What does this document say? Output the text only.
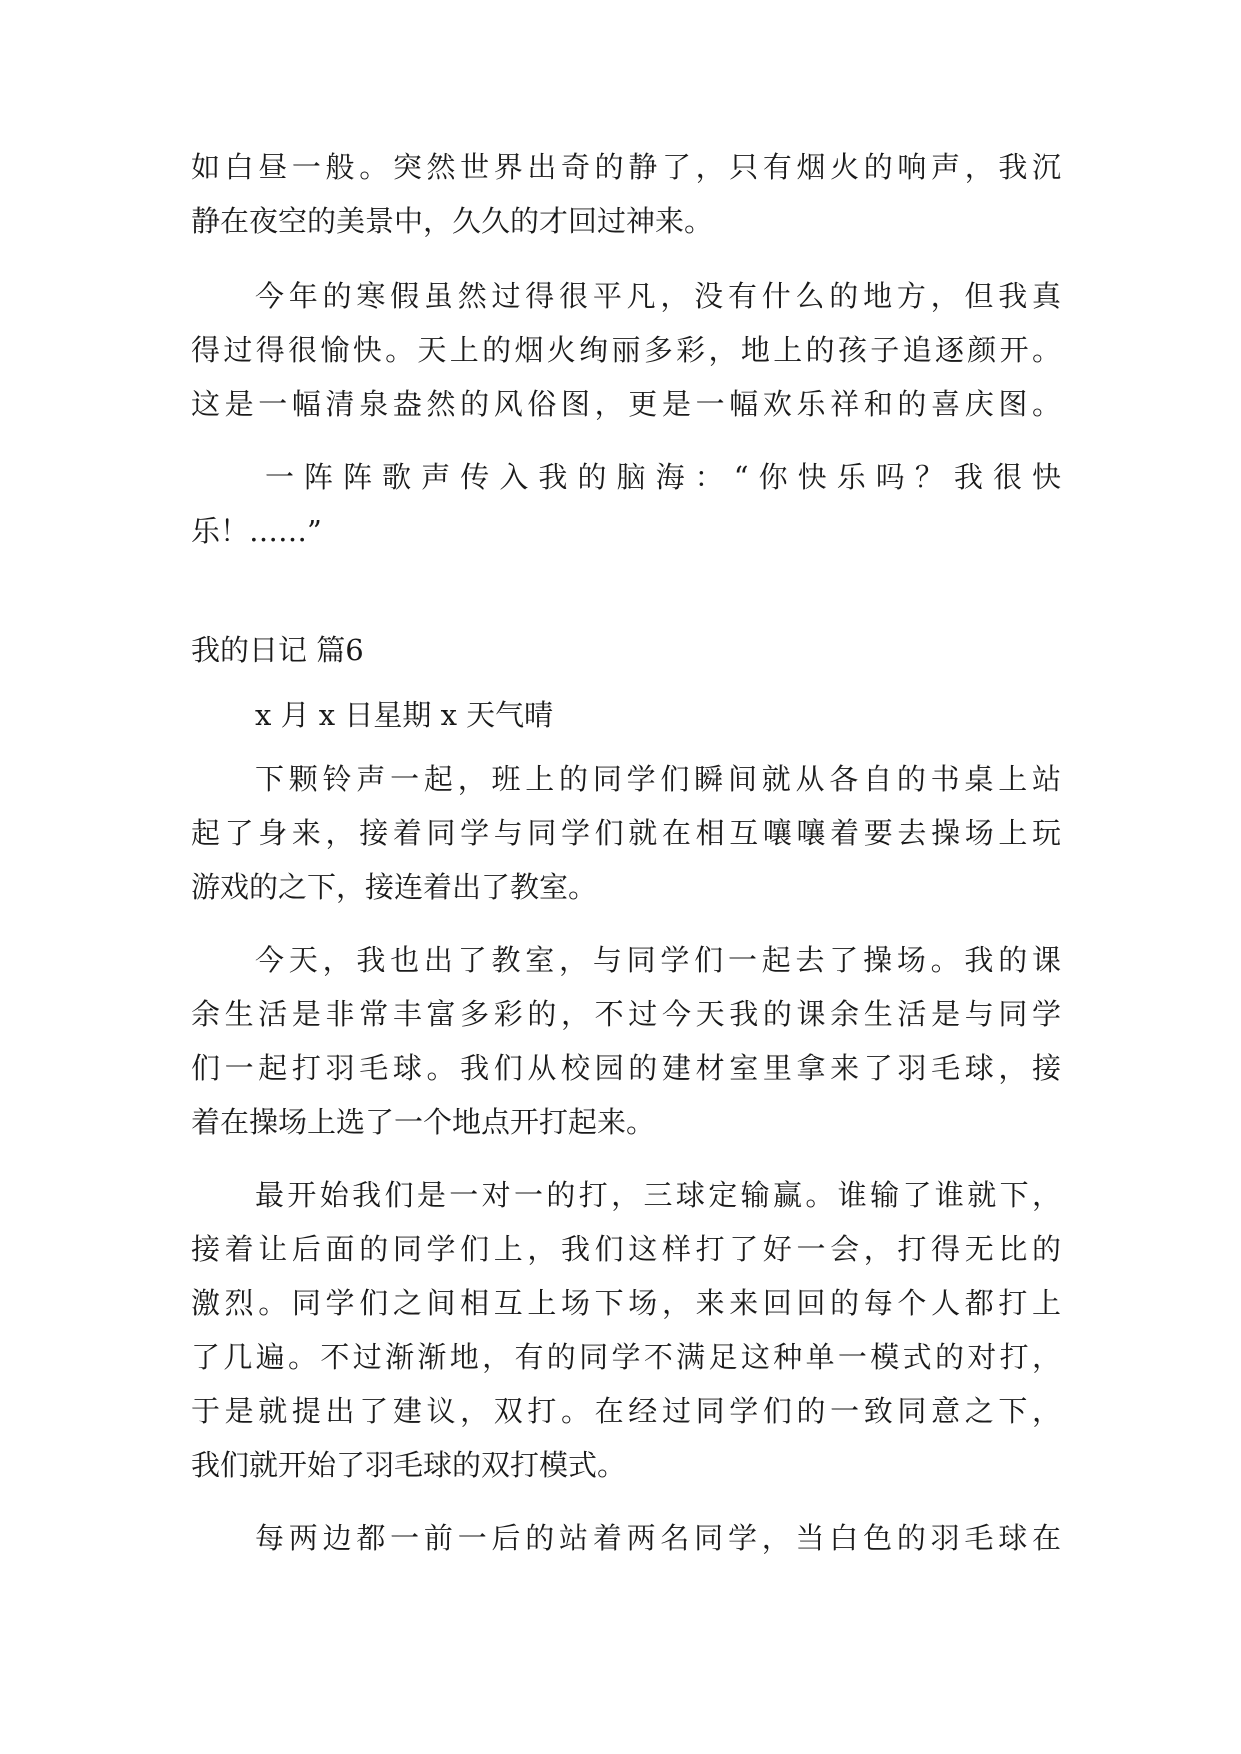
如白昼一般。突然世界出奇的静了，只有烟火的响声，我沉
静在夜空的美景中，久久的才回过神来。
今年的寒假虽然过得很平凡，没有什么的地方，但我真
得过得很愉快。天上的烟火绚丽多彩，地上的孩子追逐颜开。
这是一幅清泉盎然的风俗图，更是一幅欢乐祥和的喜庆图。
一阵阵歌声传入我的脑海：“你快乐吗？我很快
乐！……”
我的日记 篇6
x 月 x 日星期 x 天气晴
下颗铃声一起，班上的同学们瞬间就从各自的书桌上站
起了身来，接着同学与同学们就在相互嚷嚷着要去操场上玩
游戏的之下，接连着出了教室。
今天，我也出了教室，与同学们一起去了操场。我的课
余生活是非常丰富多彩的，不过今天我的课余生活是与同学
们一起打羽毛球。我们从校园的建材室里拿来了羽毛球，接
着在操场上选了一个地点开打起来。
最开始我们是一对一的打，三球定输赢。谁输了谁就下，
接着让后面的同学们上，我们这样打了好一会，打得无比的
激烈。同学们之间相互上场下场，来来回回的每个人都打上
了几遍。不过渐渐地，有的同学不满足这种单一模式的对打，
于是就提出了建议，双打。在经过同学们的一致同意之下，
我们就开始了羽毛球的双打模式。
每两边都一前一后的站着两名同学，当白色的羽毛球在
